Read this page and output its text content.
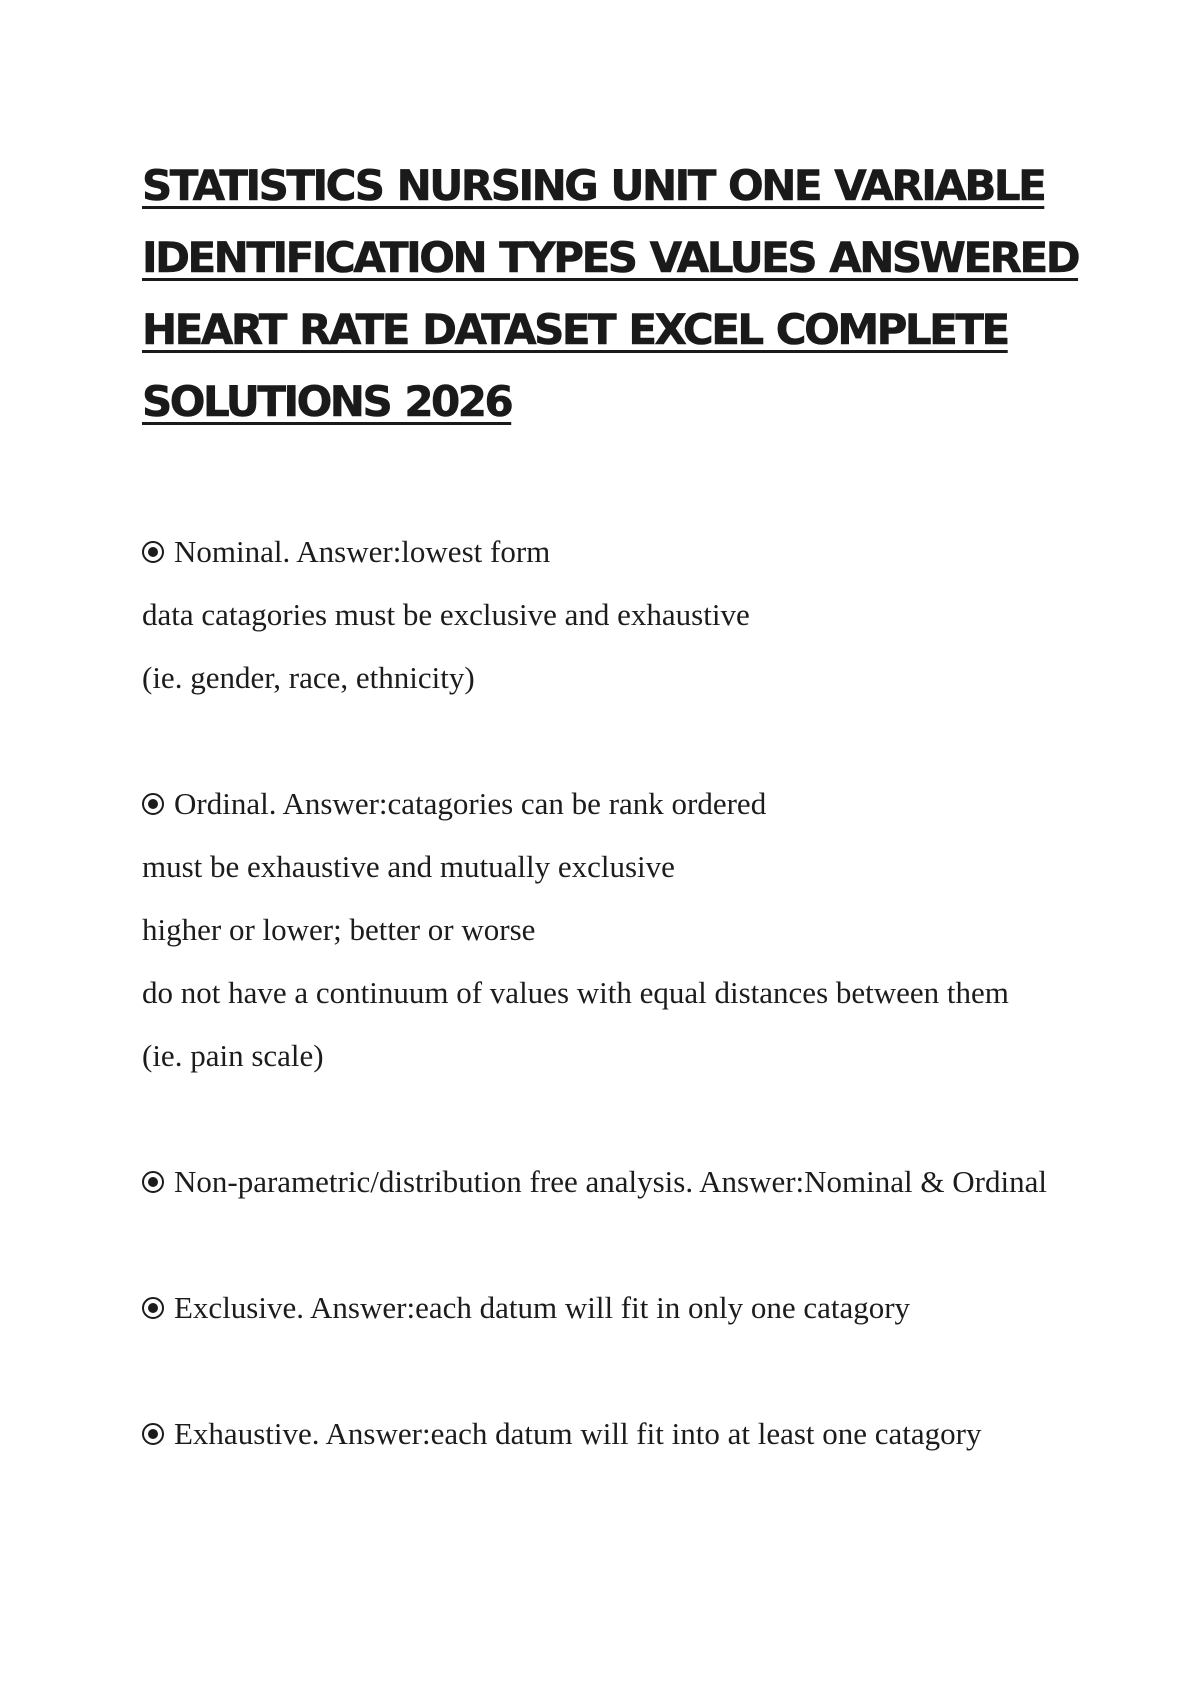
STATISTICS NURSING UNIT ONE VARIABLE
IDENTIFICATION TYPES VALUES ANSWERED
HEART RATE DATASET EXCEL COMPLETE
SOLUTIONS 2026
Nominal. Answer:lowest form
data catagories must be exclusive and exhaustive
(ie. gender, race, ethnicity)
Ordinal. Answer:catagories can be rank ordered
must be exhaustive and mutually exclusive
higher or lower; better or worse
do not have a continuum of values with equal distances between them
(ie. pain scale)
Non-parametric/distribution free analysis. Answer:Nominal & Ordinal
Exclusive. Answer:each datum will fit in only one catagory
Exhaustive. Answer:each datum will fit into at least one catagory
